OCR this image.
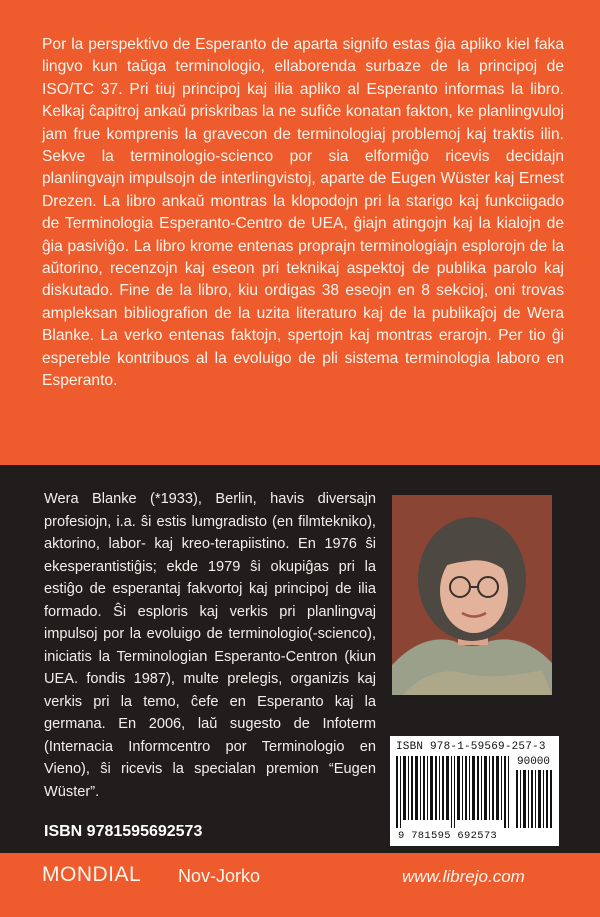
Por la perspektivo de Esperanto de aparta signifo estas ĝia apliko kiel faka lingvo kun taŭga terminologio, ellaborenda surbaze de la principoj de ISO/TC 37. Pri tiuj principoj kaj ilia apliko al Esperanto informas la libro. Kelkaj ĉapitroj ankaŭ priskribas la ne sufiĉe konatan fakton, ke planlingvuloj jam frue komprenis la gravecon de terminologiaj problemoj kaj traktis ilin. Sekve la terminologio-scienco por sia elformiĝo ricevis decidajn planlingvajn impulsojn de interlingvistoj, aparte de Eugen Wüster kaj Ernest Drezen. La libro ankaŭ montras la klopodojn pri la starigo kaj funkciigado de Terminologia Esperanto-Centro de UEA, ĝiajn atingojn kaj la kialojn de ĝia pasiviĝo. La libro krome entenas proprajn terminologiajn esplorojn de la aŭtorino, recenzojn kaj eseon pri teknikaj aspektoj de publika parolo kaj diskutado. Fine de la libro, kiu ordigas 38 eseojn en 8 sekcioj, oni trovas ampleksan bibliografion de la uzita literaturo kaj de la publikaĵoj de Wera Blanke. La verko entenas faktojn, spertojn kaj montras erarojn. Per tio ĝi espereble kontribuos al la evoluigo de pli sistema terminologia laboro en Esperanto.

Wera Blanke (*1933), Berlin, havis diversajn profesiojn, i.a. ŝi estis lumgradisto (en filmtekniko), aktorino, labor- kaj kreo-terapiistino. En 1976 ŝi ekesperantistiĝis; ekde 1979 ŝi okupiĝas pri la estiĝo de esperantaj fakvortoj kaj principoj de ilia formado. Ŝi esploris kaj verkis pri planlingvaj impulsoj por la evoluigo de terminologio(-scienco), iniciatis la Terminologian Esperanto-Centron (kiun UEA. fondis 1987), multe prelegis, organizis kaj verkis pri la temo, ĉefe en Esperanto kaj la germana. En 2006, laŭ sugesto de Infoterm (Internacia Informcentro por Terminologio en Vieno), ŝi ricevis la specialan premion “Eugen Wüster”.

ISBN 978-1-59569-257-3
90000
9 781595 692573
ISBN 9781595692573
MONDIAL Nov-Jorko	www.librejo.com
